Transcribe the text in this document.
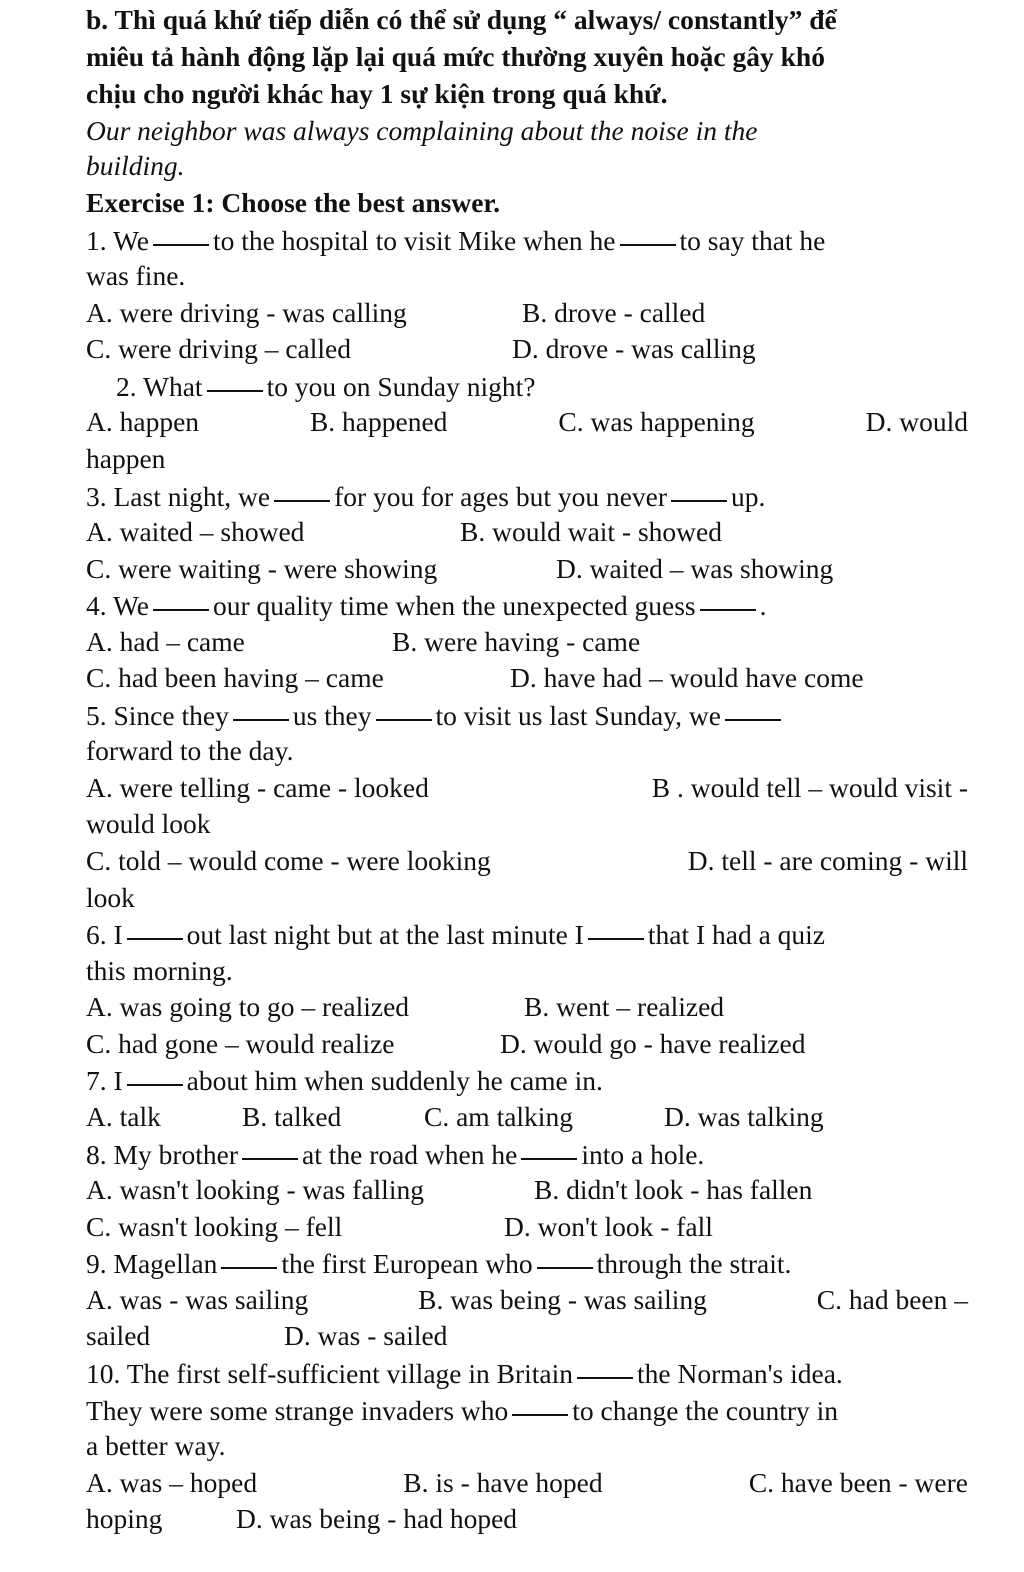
b. Thì quá khứ tiếp diễn có thể sử dụng “ always/ constantly” để
miêu tả hành động lặp lại quá mức thường xuyên hoặc gây khó
chịu cho người khác hay 1 sự kiện trong quá khứ.
Our neighbor was always complaining about the noise in the
building.
Exercise 1: Choose the best answer.
1. We to the hospital to visit Mike when he to say that he
was fine.
A. were driving - was calling	B. drove - called
C. were driving – called	D. drove - was calling
2. What to you on Sunday night?
A. happen	B. happened	C. was happening	D. would
happen
3. Last night, we for you for ages but you never up.
A. waited – showed	B. would wait - showed
C. were waiting - were showing	D. waited – was showing
4. We our quality time when the unexpected guess .
A. had – came	B. were having - came
C. had been having – came	D. have had – would have come
5. Since they us they to visit us last Sunday, we
forward to the day.
A. were telling - came - looked	B . would tell – would visit -
would look
C. told – would come - were looking	D. tell - are coming - will
look
6. I out last night but at the last minute I that I had a quiz
this morning.
A. was going to go – realized	B. went – realized
C. had gone – would realize	D. would go - have realized
7. I about him when suddenly he came in.
A. talk	B. talked	C. am talking	D. was talking
8. My brother at the road when he into a hole.
A. wasn't looking - was falling	B. didn't look - has fallen
C. wasn't looking – fell	D. won't look - fall
9. Magellan the first European who through the strait.
A. was - was sailing	B. was being - was sailing	C. had been –
sailed	D. was - sailed
10. The first self-sufficient village in Britain the Norman's idea.
They were some strange invaders who to change the country in
a better way.
A. was – hoped	B. is - have hoped	C. have been - were
hoping	D. was being - had hoped
